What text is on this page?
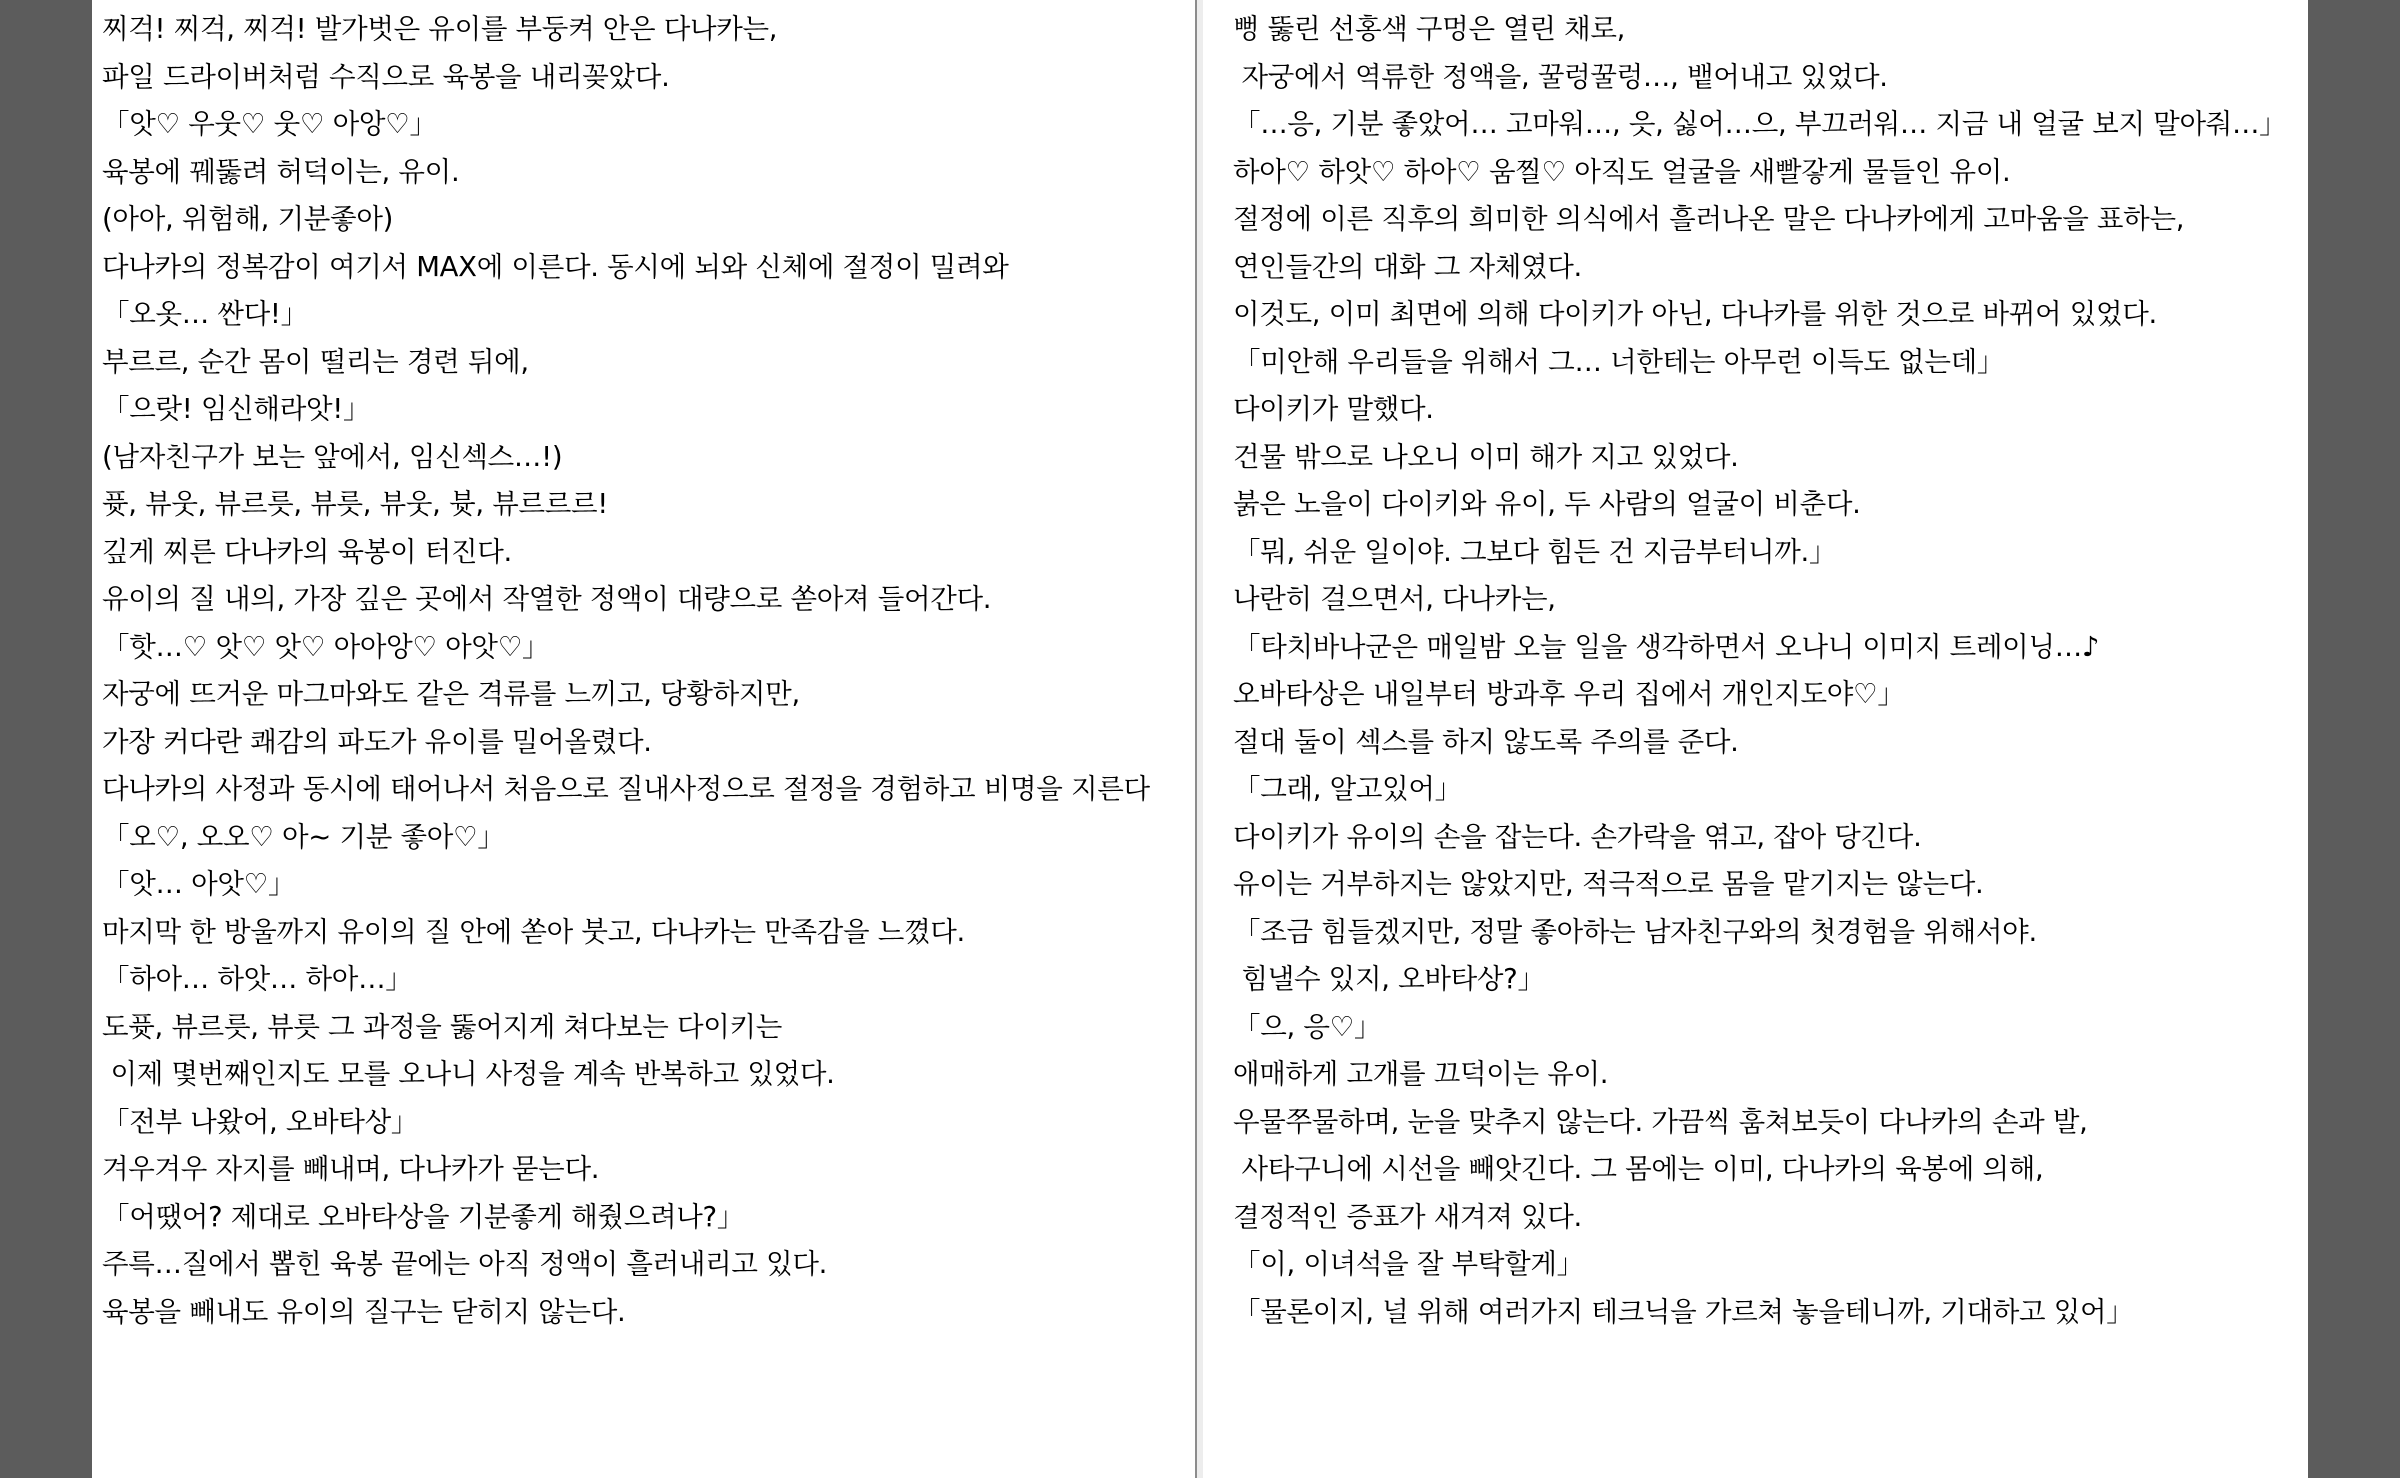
찌걱! 찌걱, 찌걱! 발가벗은 유이를 부둥켜 안은 다나카는,
파일 드라이버처럼 수직으로 육봉을 내리꽂았다.
「앗♡ 우웃♡ 웃♡ 아앙♡」
육봉에 꿰뚫려 허덕이는, 유이.
(아아, 위험해, 기분좋아)
다나카의 정복감이 여기서 MAX에 이른다. 동시에 뇌와 신체에 절정이 밀려와
「오옷… 싼다!」
부르르, 순간 몸이 떨리는 경련 뒤에,
「으랏! 임신해라앗!」
(남자친구가 보는 앞에서, 임신섹스…!)
퓻, 뷰웃, 뷰르릇, 뷰릇, 뷰웃, 븃, 뷰르르르!
깊게 찌른 다나카의 육봉이 터진다.
유이의 질 내의, 가장 깊은 곳에서 작열한 정액이 대량으로 쏟아져 들어간다.
「핫…♡ 앗♡ 앗♡ 아아앙♡ 아앗♡」
자궁에 뜨거운 마그마와도 같은 격류를 느끼고, 당황하지만,
가장 커다란 쾌감의 파도가 유이를 밀어올렸다.
다나카의 사정과 동시에 태어나서 처음으로 질내사정으로 절정을 경험하고 비명을 지른다
「오♡, 오오♡ 아~ 기분 좋아♡」
「앗… 아앗♡」
마지막 한 방울까지 유이의 질 안에 쏟아 붓고, 다나카는 만족감을 느꼈다.
「하아… 하앗… 하아…」
도퓻, 뷰르릇, 뷰릇 그 과정을 뚫어지게 쳐다보는 다이키는
이제 몇번째인지도 모를 오나니 사정을 계속 반복하고 있었다.
「전부 나왔어, 오바타상」
겨우겨우 자지를 빼내며, 다나카가 묻는다.
「어땠어? 제대로 오바타상을 기분좋게 해줬으려나?」
주륵…질에서 뽑힌 육봉 끝에는 아직 정액이 흘러내리고 있다.
육봉을 빼내도 유이의 질구는 닫히지 않는다.
뻥 뚫린 선홍색 구멍은 열린 채로,
자궁에서 역류한 정액을, 꿀렁꿀렁…, 뱉어내고 있었다.
「…응, 기분 좋았어… 고마워…, 읏, 싫어…으, 부끄러워… 지금 내 얼굴 보지 말아줘…」
하아♡ 하앗♡ 하아♡ 움찔♡ 아직도 얼굴을 새빨갛게 물들인 유이.
절정에 이른 직후의 희미한 의식에서 흘러나온 말은 다나카에게 고마움을 표하는,
연인들간의 대화 그 자체였다.
이것도, 이미 최면에 의해 다이키가 아닌, 다나카를 위한 것으로 바뀌어 있었다.
「미안해 우리들을 위해서 그… 너한테는 아무런 이득도 없는데」
다이키가 말했다.
건물 밖으로 나오니 이미 해가 지고 있었다.
붉은 노을이 다이키와 유이, 두 사람의 얼굴이 비춘다.
「뭐, 쉬운 일이야. 그보다 힘든 건 지금부터니까.」
나란히 걸으면서, 다나카는,
「타치바나군은 매일밤 오늘 일을 생각하면서 오나니 이미지 트레이닝…♪
오바타상은 내일부터 방과후 우리 집에서 개인지도야♡」
절대 둘이 섹스를 하지 않도록 주의를 준다.
「그래, 알고있어」
다이키가 유이의 손을 잡는다. 손가락을 엮고, 잡아 당긴다.
유이는 거부하지는 않았지만, 적극적으로 몸을 맡기지는 않는다.
「조금 힘들겠지만, 정말 좋아하는 남자친구와의 첫경험을 위해서야.
힘낼수 있지, 오바타상?」
「으, 응♡」
애매하게 고개를 끄덕이는 유이.
우물쭈물하며, 눈을 맞추지 않는다. 가끔씩 훔쳐보듯이 다나카의 손과 발,
사타구니에 시선을 빼앗긴다. 그 몸에는 이미, 다나카의 육봉에 의해,
결정적인 증표가 새겨져 있다.
「이, 이녀석을 잘 부탁할게」
「물론이지, 널 위해 여러가지 테크닉을 가르쳐 놓을테니까, 기대하고 있어」
